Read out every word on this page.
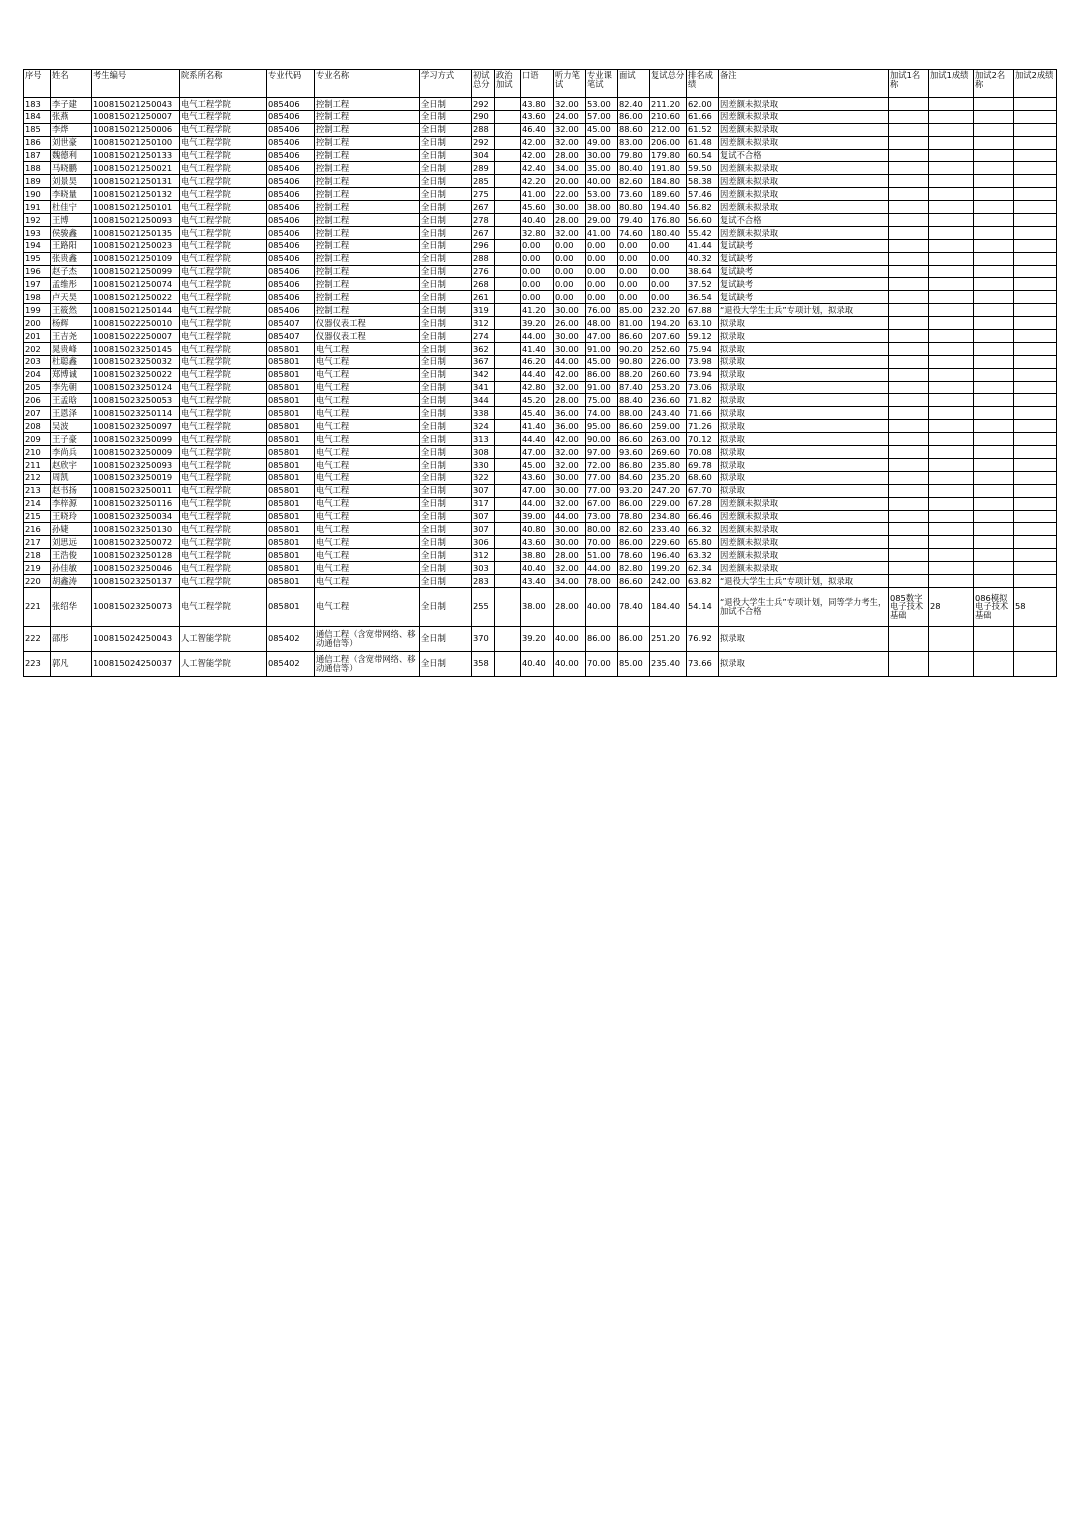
序号	姓名	考生编号	院系所名称	专业代码	专业名称	学习方式	初试总分	政治加试	口语	听力笔试	专业课笔试	面试	复试总分	排名成绩	备注	加试1名称	加试1成绩	加试2名称	加试2成绩
183	李子建	100815021250043	电气工程学院	085406	控制工程	全日制	292		43.80	32.00	53.00	82.40	211.20	62.00	因差额未拟录取				
184	张燕	100815021250007	电气工程学院	085406	控制工程	全日制	290		43.60	24.00	57.00	86.00	210.60	61.66	因差额未拟录取				
185	李烨	100815021250006	电气工程学院	085406	控制工程	全日制	288		46.40	32.00	45.00	88.60	212.00	61.52	因差额未拟录取				
186	刘世豪	100815021250100	电气工程学院	085406	控制工程	全日制	292		42.00	32.00	49.00	83.00	206.00	61.48	因差额未拟录取				
187	魏德利	100815021250133	电气工程学院	085406	控制工程	全日制	304		42.00	28.00	30.00	79.80	179.80	60.54	复试不合格				
188	马晓鹏	100815021250021	电气工程学院	085406	控制工程	全日制	289		42.40	34.00	35.00	80.40	191.80	59.50	因差额未拟录取				
189	刘景昊	100815021250131	电气工程学院	085406	控制工程	全日制	285		42.20	20.00	40.00	82.60	184.80	58.38	因差额未拟录取				
190	李晓量	100815021250132	电气工程学院	085406	控制工程	全日制	275		41.00	22.00	53.00	73.60	189.60	57.46	因差额未拟录取				
191	杜佳宁	100815021250101	电气工程学院	085406	控制工程	全日制	267		45.60	30.00	38.00	80.80	194.40	56.82	因差额未拟录取				
192	王博	100815021250093	电气工程学院	085406	控制工程	全日制	278		40.40	28.00	29.00	79.40	176.80	56.60	复试不合格				
193	侯骏鑫	100815021250135	电气工程学院	085406	控制工程	全日制	267		32.80	32.00	41.00	74.60	180.40	55.42	因差额未拟录取				
194	王路阳	100815021250023	电气工程学院	085406	控制工程	全日制	296		0.00	0.00	0.00	0.00	0.00	41.44	复试缺考				
195	张贵鑫	100815021250109	电气工程学院	085406	控制工程	全日制	288		0.00	0.00	0.00	0.00	0.00	40.32	复试缺考				
196	赵子杰	100815021250099	电气工程学院	085406	控制工程	全日制	276		0.00	0.00	0.00	0.00	0.00	38.64	复试缺考				
197	孟维彤	100815021250074	电气工程学院	085406	控制工程	全日制	268		0.00	0.00	0.00	0.00	0.00	37.52	复试缺考				
198	卢天昊	100815021250022	电气工程学院	085406	控制工程	全日制	261		0.00	0.00	0.00	0.00	0.00	36.54	复试缺考				
199	王筱然	100815021250144	电气工程学院	085406	控制工程	全日制	319		41.20	30.00	76.00	85.00	232.20	67.88	“退役大学生士兵”专项计划，拟录取				
200	杨辉	100815022250010	电气工程学院	085407	仪器仪表工程	全日制	312		39.20	26.00	48.00	81.00	194.20	63.10	拟录取				
201	王吉尧	100815022250007	电气工程学院	085407	仪器仪表工程	全日制	274		44.00	30.00	47.00	86.60	207.60	59.12	拟录取				
202	晁贵峰	100815023250145	电气工程学院	085801	电气工程	全日制	362		41.40	30.00	91.00	90.20	252.60	75.94	拟录取				
203	杜聪鑫	100815023250032	电气工程学院	085801	电气工程	全日制	367		46.20	44.00	45.00	90.80	226.00	73.98	拟录取				
204	郑博诚	100815023250022	电气工程学院	085801	电气工程	全日制	342		44.40	42.00	86.00	88.20	260.60	73.94	拟录取				
205	李先朝	100815023250124	电气工程学院	085801	电气工程	全日制	341		42.80	32.00	91.00	87.40	253.20	73.06	拟录取				
206	王孟晗	100815023250053	电气工程学院	085801	电气工程	全日制	344		45.20	28.00	75.00	88.40	236.60	71.82	拟录取				
207	王恩泽	100815023250114	电气工程学院	085801	电气工程	全日制	338		45.40	36.00	74.00	88.00	243.40	71.66	拟录取				
208	吴波	100815023250097	电气工程学院	085801	电气工程	全日制	324		41.40	36.00	95.00	86.60	259.00	71.26	拟录取				
209	王子豪	100815023250099	电气工程学院	085801	电气工程	全日制	313		44.40	42.00	90.00	86.60	263.00	70.12	拟录取				
210	李尚兵	100815023250009	电气工程学院	085801	电气工程	全日制	308		47.00	32.00	97.00	93.60	269.60	70.08	拟录取				
211	赵欣宇	100815023250093	电气工程学院	085801	电气工程	全日制	330		45.00	32.00	72.00	86.80	235.80	69.78	拟录取				
212	周凯	100815023250019	电气工程学院	085801	电气工程	全日制	322		43.60	30.00	77.00	84.60	235.20	68.60	拟录取				
213	赵书扬	100815023250011	电气工程学院	085801	电气工程	全日制	307		47.00	30.00	77.00	93.20	247.20	67.70	拟录取				
214	李梓源	100815023250116	电气工程学院	085801	电气工程	全日制	317		44.00	32.00	67.00	86.00	229.00	67.28	因差额未拟录取				
215	王晓玲	100815023250034	电气工程学院	085801	电气工程	全日制	307		39.00	44.00	73.00	78.80	234.80	66.46	因差额未拟录取				
216	孙婕	100815023250130	电气工程学院	085801	电气工程	全日制	307		40.80	30.00	80.00	82.60	233.40	66.32	因差额未拟录取				
217	刘思远	100815023250072	电气工程学院	085801	电气工程	全日制	306		43.60	30.00	70.00	86.00	229.60	65.80	因差额未拟录取				
218	王浩俊	100815023250128	电气工程学院	085801	电气工程	全日制	312		38.80	28.00	51.00	78.60	196.40	63.32	因差额未拟录取				
219	孙佳敏	100815023250046	电气工程学院	085801	电气工程	全日制	303		40.40	32.00	44.00	82.80	199.20	62.34	因差额未拟录取				
220	胡鑫涛	100815023250137	电气工程学院	085801	电气工程	全日制	283		43.40	34.00	78.00	86.60	242.00	63.82	“退役大学生士兵”专项计划，拟录取				
221	张绍华	100815023250073	电气工程学院	085801	电气工程	全日制	255		38.00	28.00	40.00	78.40	184.40	54.14	“退役大学生士兵”专项计划，同等学力考生，加试不合格	085数字电子技术基础	28	086模拟电子技术基础	58
222	邵彤	100815024250043	人工智能学院	085402	通信工程（含宽带网络、移动通信等）	全日制	370		39.20	40.00	86.00	86.00	251.20	76.92	拟录取				
223	郭凡	100815024250037	人工智能学院	085402	通信工程（含宽带网络、移动通信等）	全日制	358		40.40	40.00	70.00	85.00	235.40	73.66	拟录取				
